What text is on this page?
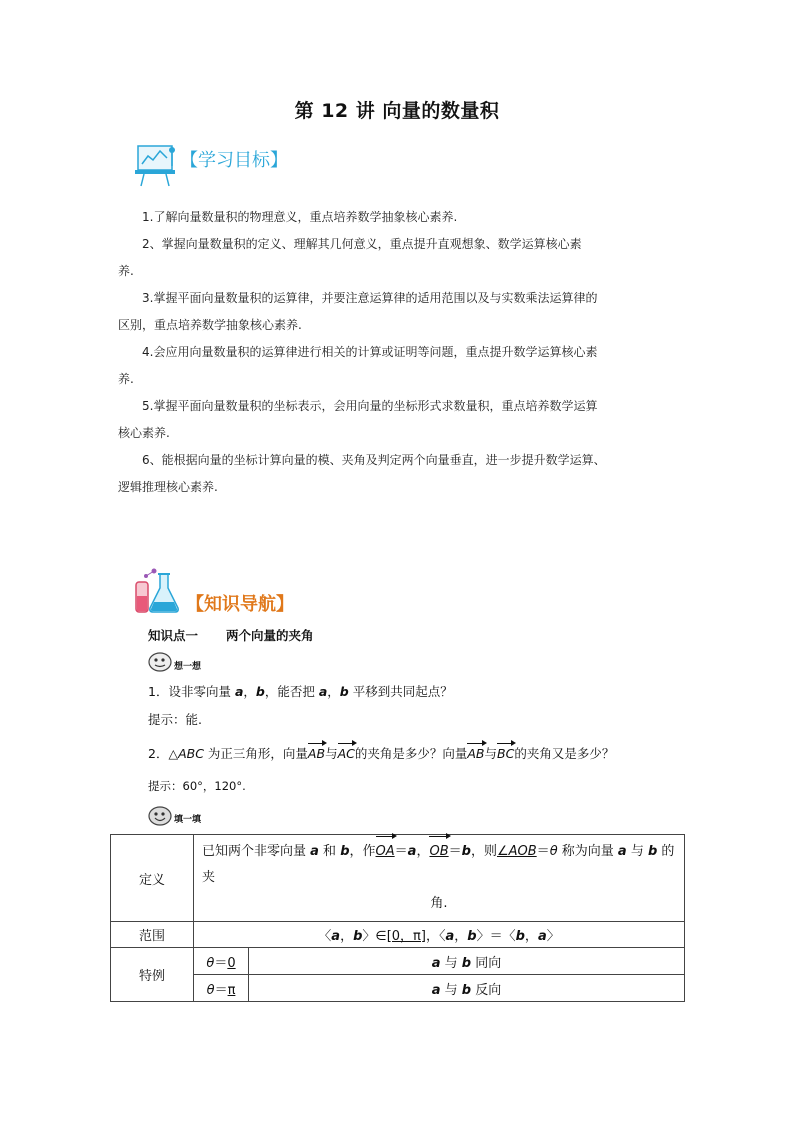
第 12 讲 向量的数量积
【学习目标】

1.了解向量数量积的物理意义，重点培养数学抽象核心素养.

2、掌握向量数量积的定义、理解其几何意义，重点提升直观想象、数学运算核心素

养.

3.掌握平面向量数量积的运算律，并要注意运算律的适用范围以及与实数乘法运算律的

区别，重点培养数学抽象核心素养.

4.会应用向量数量积的运算律进行相关的计算或证明等问题，重点提升数学运算核心素

养.

5.掌握平面向量数量积的坐标表示，会用向量的坐标形式求数量积，重点培养数学运算

核心素养.

6、能根据向量的坐标计算向量的模、夹角及判定两个向量垂直，进一步提升数学运算、

逻辑推理核心素养.

【知识导航】
知识点一 两个向量的夹角
想一想
1．设非零向量 a，b，能否把 a，b 平移到共同起点？
提示：能.
2．△ABC 为正三角形，向量AB与AC的夹角是多少？向量AB与BC的夹角又是多少？
提示：60°，120°.
填一填
定义	已知两个非零向量 a 和 b，作OA＝a，OB＝b，则∠AOB＝θ 称为向量 a 与 b 的夹
角.	

范围	〈a，b〉∈[0，π]，〈a，b〉＝〈b，a〉	
特例	θ＝0	a 与 b 同向
	θ＝π	a 与 b 反向
